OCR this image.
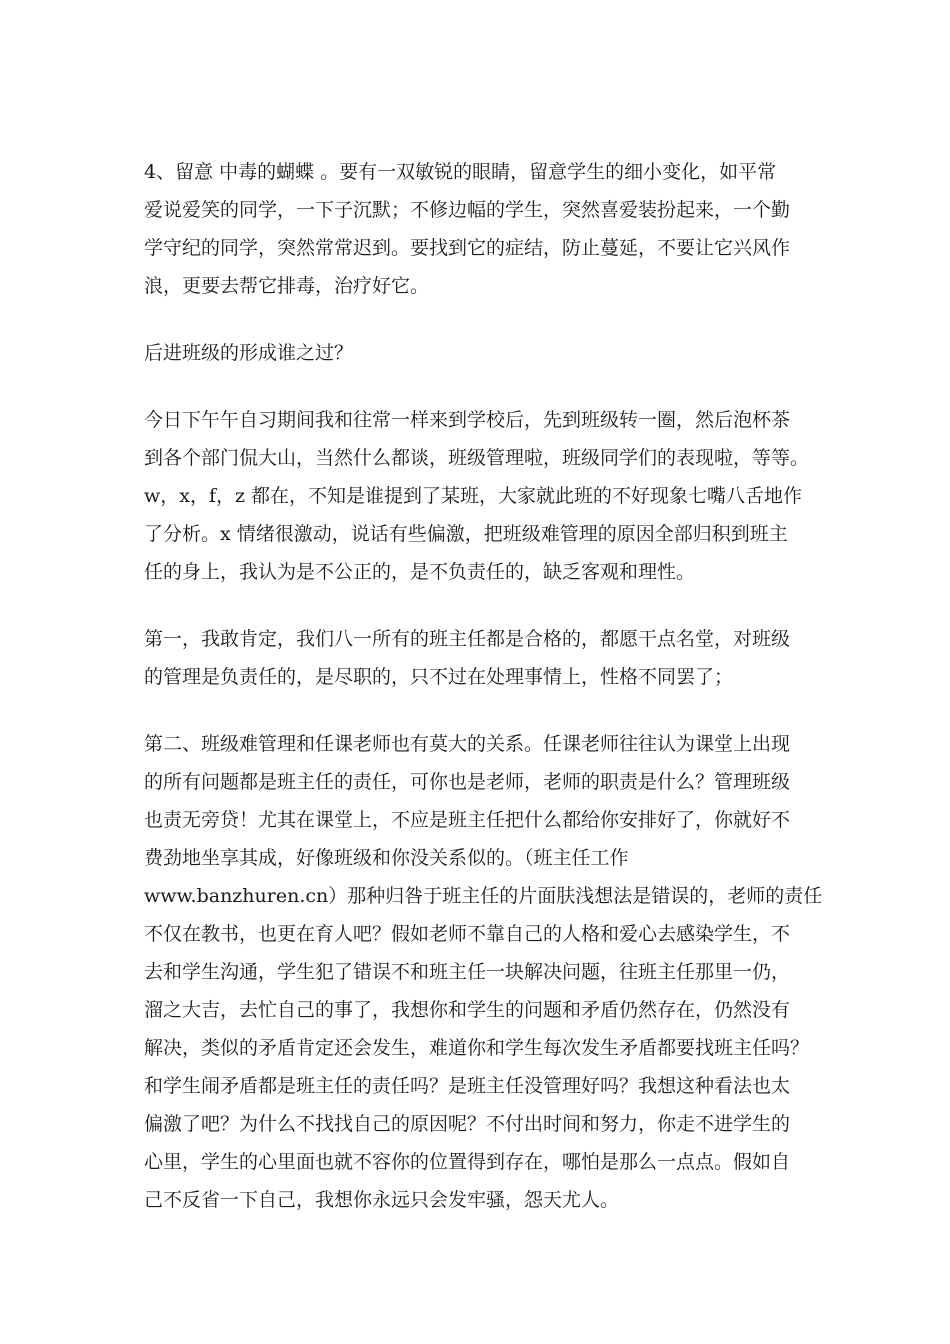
4、留意 中毒的蝴蝶 。要有一双敏锐的眼睛，留意学生的细小变化，如平常

爱说爱笑的同学，一下子沉默；不修边幅的学生，突然喜爱装扮起来，一个勤

学守纪的同学，突然常常迟到。要找到它的症结，防止蔓延，不要让它兴风作

浪，更要去帮它排毒，治疗好它。

后进班级的形成谁之过？

今日下午午自习期间我和往常一样来到学校后，先到班级转一圈，然后泡杯茶

到各个部门侃大山，当然什么都谈，班级管理啦，班级同学们的表现啦，等等。

w，x，f，z 都在，不知是谁提到了某班，大家就此班的不好现象七嘴八舌地作

了分析。x 情绪很激动，说话有些偏激，把班级难管理的原因全部归积到班主

任的身上，我认为是不公正的，是不负责任的，缺乏客观和理性。

第一，我敢肯定，我们八一所有的班主任都是合格的，都愿干点名堂，对班级

的管理是负责任的，是尽职的，只不过在处理事情上，性格不同罢了；

第二、班级难管理和任课老师也有莫大的关系。任课老师往往认为课堂上出现

的所有问题都是班主任的责任，可你也是老师，老师的职责是什么？管理班级

也责无旁贷！尤其在课堂上，不应是班主任把什么都给你安排好了，你就好不

费劲地坐享其成，好像班级和你没关系似的。（班主任工作

www.banzhuren.cn）那种归咎于班主任的片面肤浅想法是错误的，老师的责任

不仅在教书，也更在育人吧？假如老师不靠自己的人格和爱心去感染学生，不

去和学生沟通，学生犯了错误不和班主任一块解决问题，往班主任那里一仍，

溜之大吉，去忙自己的事了，我想你和学生的问题和矛盾仍然存在，仍然没有

解决，类似的矛盾肯定还会发生，难道你和学生每次发生矛盾都要找班主任吗？

和学生闹矛盾都是班主任的责任吗？是班主任没管理好吗？我想这种看法也太

偏激了吧？为什么不找找自己的原因呢？不付出时间和努力，你走不进学生的

心里，学生的心里面也就不容你的位置得到存在，哪怕是那么一点点。假如自

己不反省一下自己，我想你永远只会发牢骚，怨天尤人。
